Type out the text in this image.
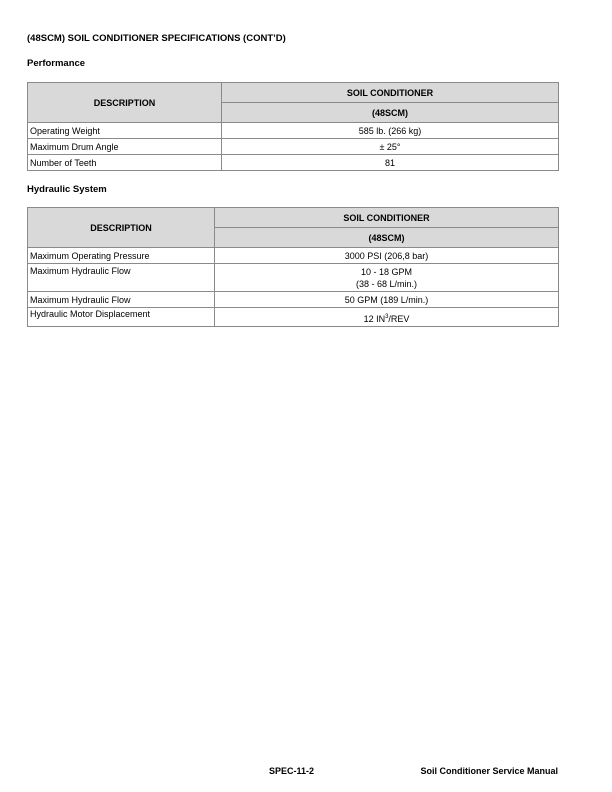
(48SCM) SOIL CONDITIONER SPECIFICATIONS (CONT’D)
Performance
DESCRIPTION	SOIL CONDITIONER
	(48SCM)
Operating Weight	585 lb. (266 kg)
Maximum Drum Angle	± 25°
Number of Teeth	81
Hydraulic System
DESCRIPTION	SOIL CONDITIONER
	(48SCM)
Maximum Operating Pressure	3000 PSI (206,8 bar)
Maximum Hydraulic Flow	10 - 18 GPM
(38 - 68 L/min.)

Maximum Hydraulic Flow	50 GPM (189 L/min.)
Hydraulic Motor Displacement	12 $IN^3$/REV
SPEC-11-2	Soil Conditioner Service Manual
